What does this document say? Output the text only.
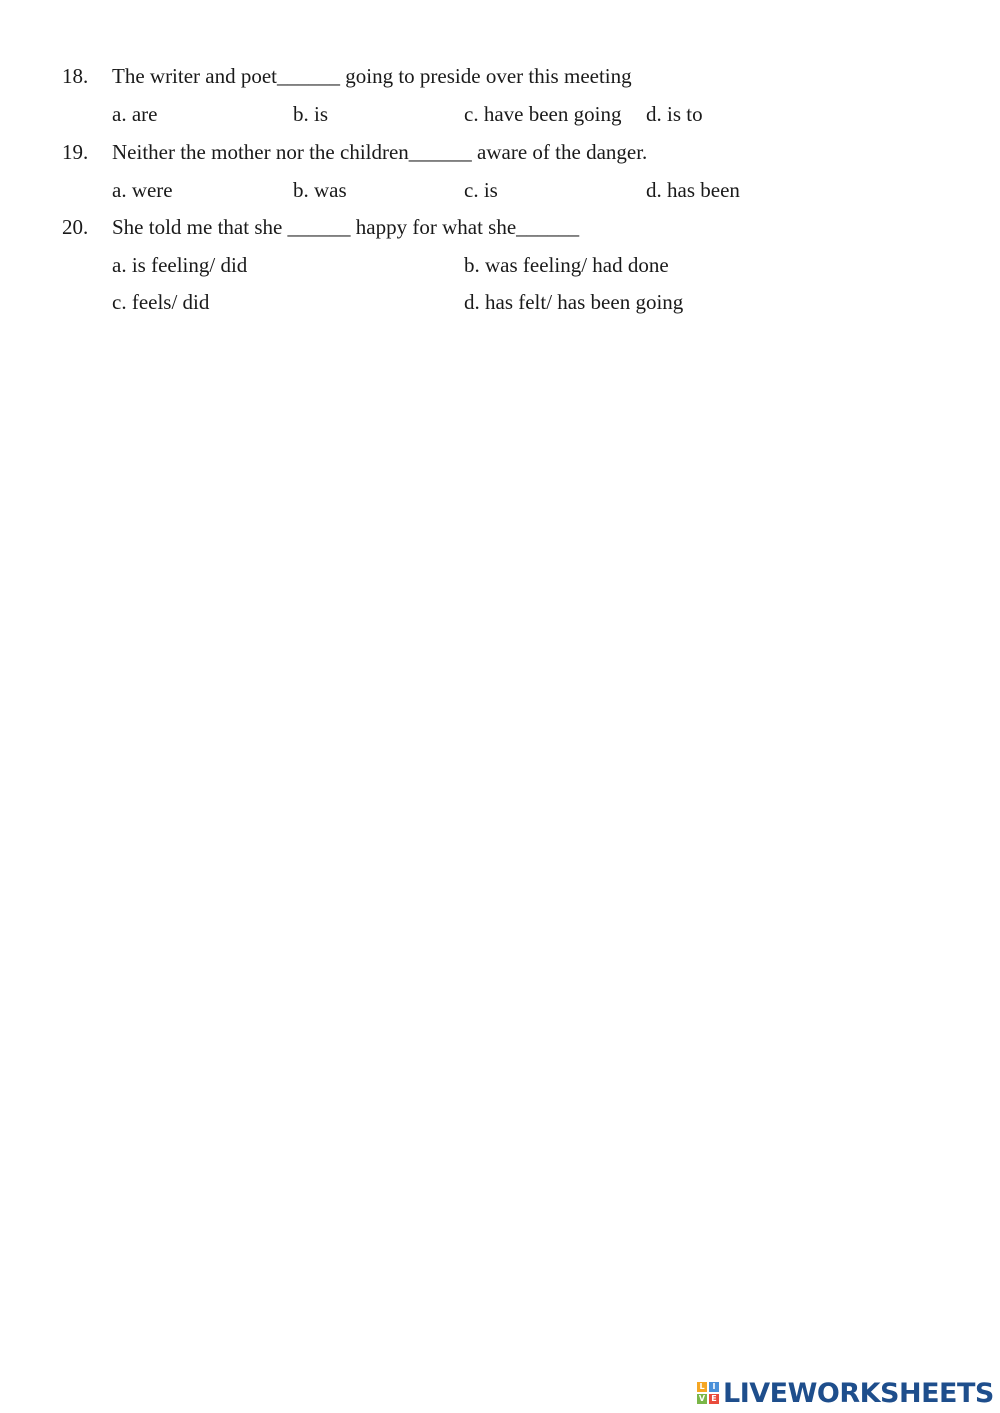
18. The writer and poet______ going to preside over this meeting
a. are	b. is	c. have been going d. is to
19. Neither the mother nor the children______ aware of the danger.
a. were	b. was	c. is	d. has been
20. She told me that she ______ happy for what she______
a. is feeling/ did	b. was feeling/ had done
c. feels/ did	d. has felt/ has been going
L I
V E LIVEWORKSHEETS
